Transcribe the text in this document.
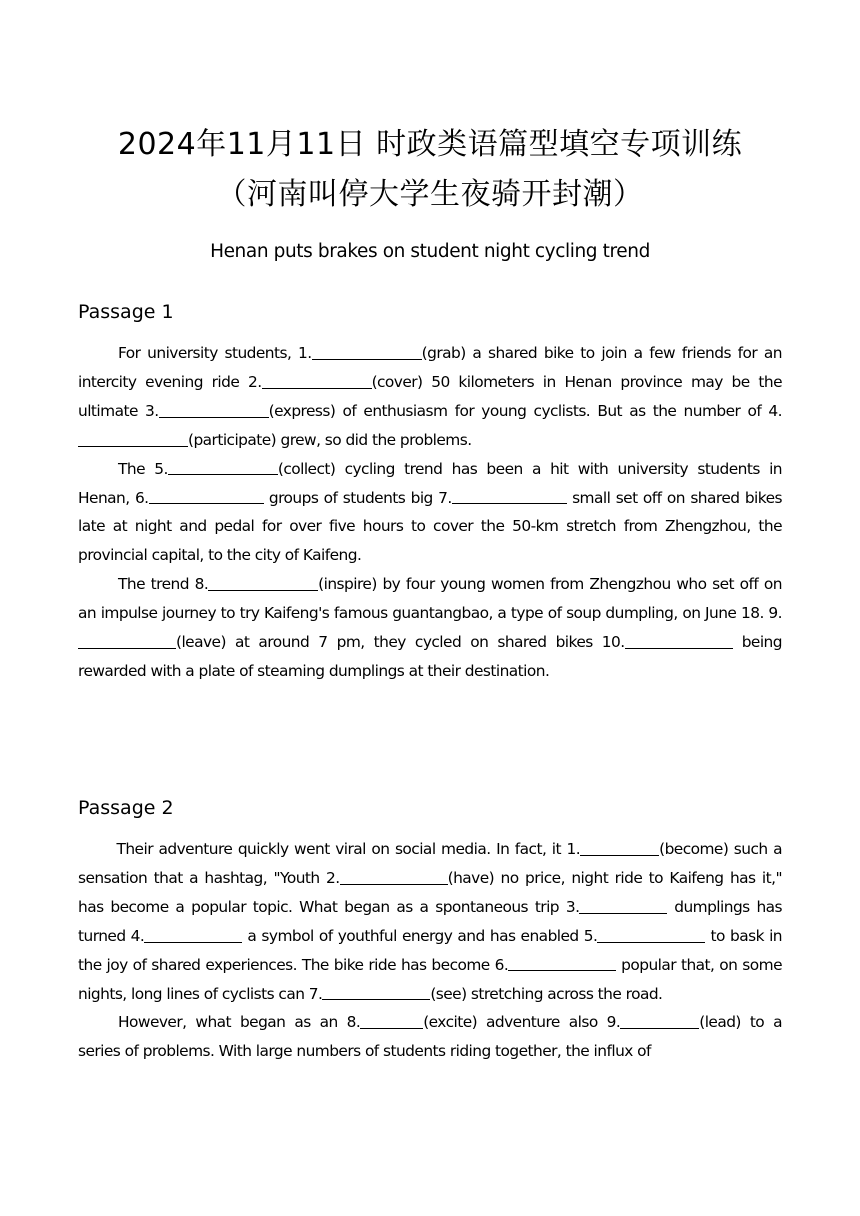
2024年11月11日 时政类语篇型填空专项训练
（河南叫停大学生夜骑开封潮）
Henan puts brakes on student night cycling trend
Passage 1

For university students, 1.	(grab) a shared bike to join a few friends for an intercity evening ride 2.	(cover) 50 kilometers in Henan province may be the ultimate 3.	(express) of enthusiasm for young cyclists. But as the number of 4.(participate) grew, so did the problems.

The 5.	(collect) cycling trend has been a hit with university students in Henan, 6.	groups of students big 7.	small set off on shared bikes late at night and pedal for over five hours to cover the 50-km stretch from Zhengzhou, the provincial capital, to the city of Kaifeng.

The trend 8.	(inspire) by four young women from Zhengzhou who set off on an impulse journey to try Kaifeng's famous guantangbao, a type of soup dumpling, on June 18. 9.(leave) at around 7 pm, they cycled on shared bikes 10.	being rewarded with a plate of steaming dumplings at their destination.

Passage 2

Their adventure quickly went viral on social media. In fact, it 1.	(become) such a sensation that a hashtag, "Youth 2.	(have) no price, night ride to Kaifeng has it," has become a popular topic. What began as a spontaneous trip 3.	dumplings has turned 4.	a symbol of youthful energy and has enabled 5.	to bask in the joy of shared experiences. The bike ride has become 6.	popular that, on some nights, long lines of cyclists can 7.	(see) stretching across the road.

However, what began as an 8.	(excite) adventure also 9.	(lead) to a series of problems. With large numbers of students riding together, the influx of
